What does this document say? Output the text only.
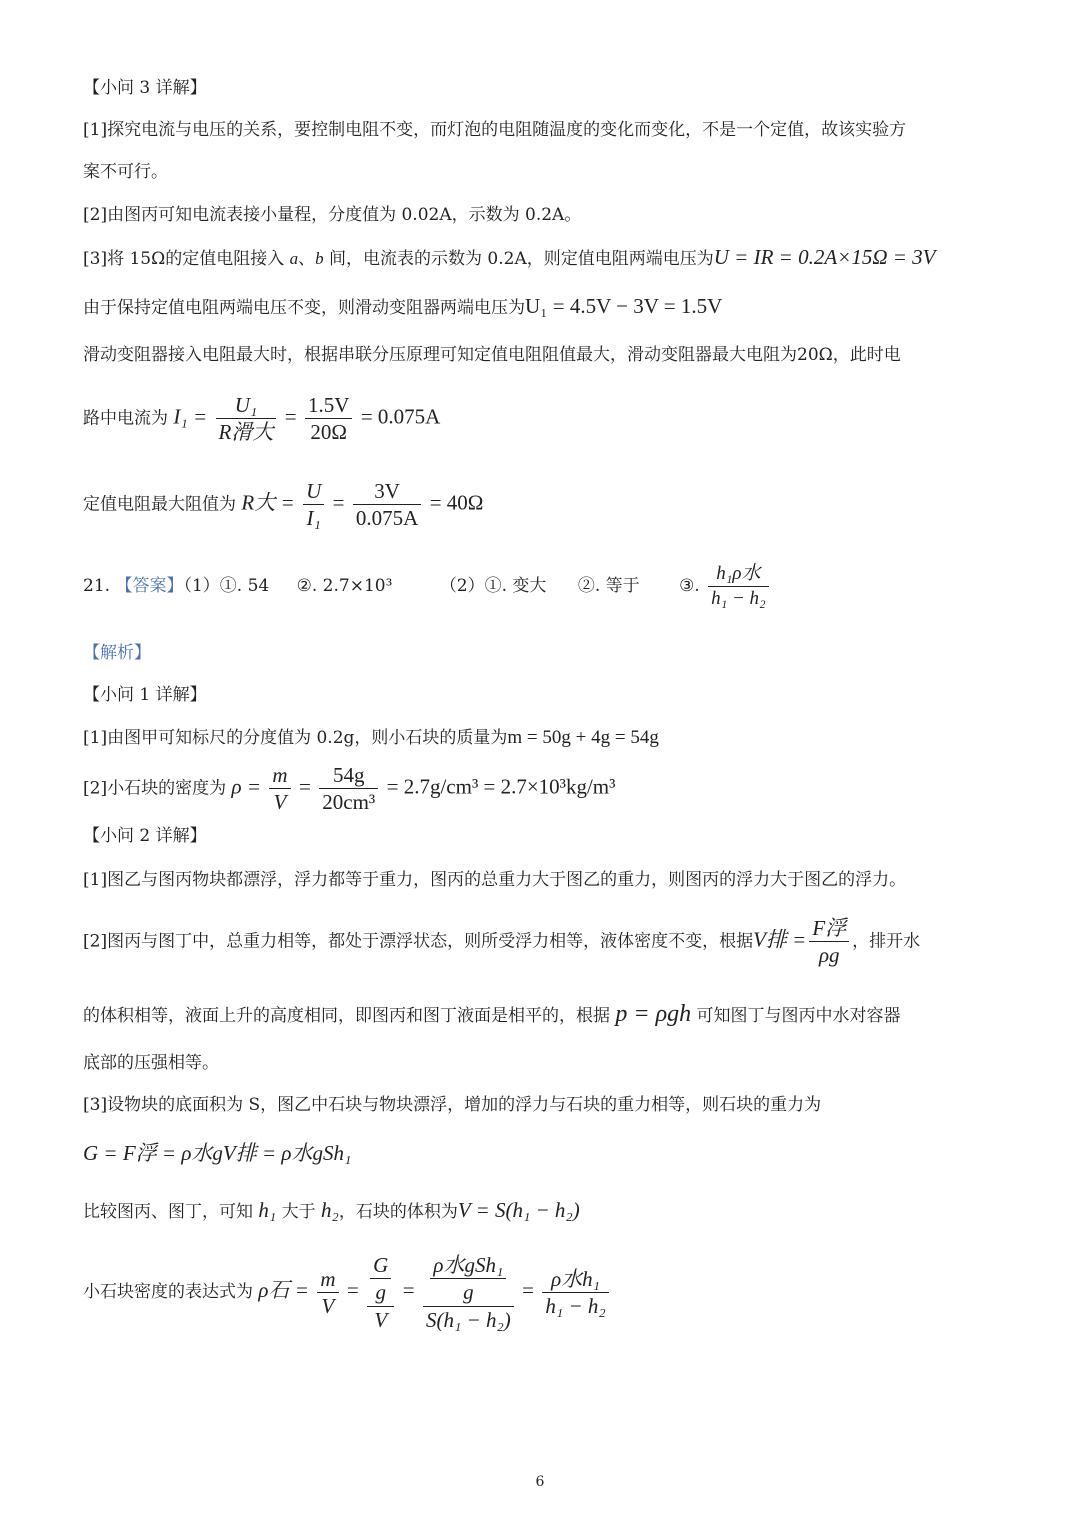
【小问 3 详解】
[1]探究电流与电压的关系，要控制电阻不变，而灯泡的电阻随温度的变化而变化，不是一个定值，故该实验方
案不可行。
[2]由图丙可知电流表接小量程，分度值为 0.02A，示数为 0.2A。
[3]将 15Ω的定值电阻接入 a、b 间，电流表的示数为 0.2A，则定值电阻两端电压为U = IR = 0.2A×15Ω = 3V
由于保持定值电阻两端电压不变，则滑动变阻器两端电压为U₁ = 4.5V − 3V = 1.5V
滑动变阻器接入电阻最大时，根据串联分压原理可知定值电阻阻值最大，滑动变阻器最大电阻为20Ω，此时电
路中电流为 $I_1 = \frac{\text{U₁}}{\text{R滑大}} = \frac{1.5V}{20\Omega} = 0.075A$
定值电阻最大阻值为 R大 = $\frac{U}{\text{I₁}} = \frac{3V}{0.075A} = 40\Omega$
21. 【答案】（1）①. 54 ②. 2.7×10³	（2）①. 变大 ②. 等于 ③. $\frac{\text{h₁ρ水}}{\text{h₁ − h₂}}$
【解析】
【小问 1 详解】
[1]由图甲可知标尺的分度值为 0.2g，则小石块的质量为m = 50g + 4g = 54g
[2]小石块的密度为 $\rho = \frac{m}{V} = \frac{54g}{\text{20cm³}} = 2.7g/cm^3 = 2.7\times 10^3kg/m^3$
【小问 2 详解】
[1]图乙与图丙物块都漂浮，浮力都等于重力，图丙的总重力大于图乙的重力，则图丙的浮力大于图乙的浮力。
[2]图丙与图丁中，总重力相等，都处于漂浮状态，则所受浮力相等，液体密度不变，根据V排 = $\frac{\text{F浮}}{\rho g}$ ，排开水
的体积相等，液面上升的高度相同，即图丙和图丁液面是相平的，根据 p = ρgh 可知图丁与图丙中水对容器
底部的压强相等。
[3]设物块的底面积为 S，图乙中石块与物块漂浮，增加的浮力与石块的重力相等，则石块的重力为
G = F浮 = ρ水gV排 = ρ水gSh₁
比较图丙、图丁，可知 h₁ 大于 h₂，石块的体积为V = S(h₁ − h₂)
小石块密度的表达式为 ρ石 = $\frac{m}{V} = \frac{\frac{G}{g}}{V} = \frac{\frac{\text{ρ水gSh₁}}{g}}{\text{S(h₁ − h₂)}} = \frac{\text{ρ水h₁}}{\text{h₁ − h₂}}$
6
